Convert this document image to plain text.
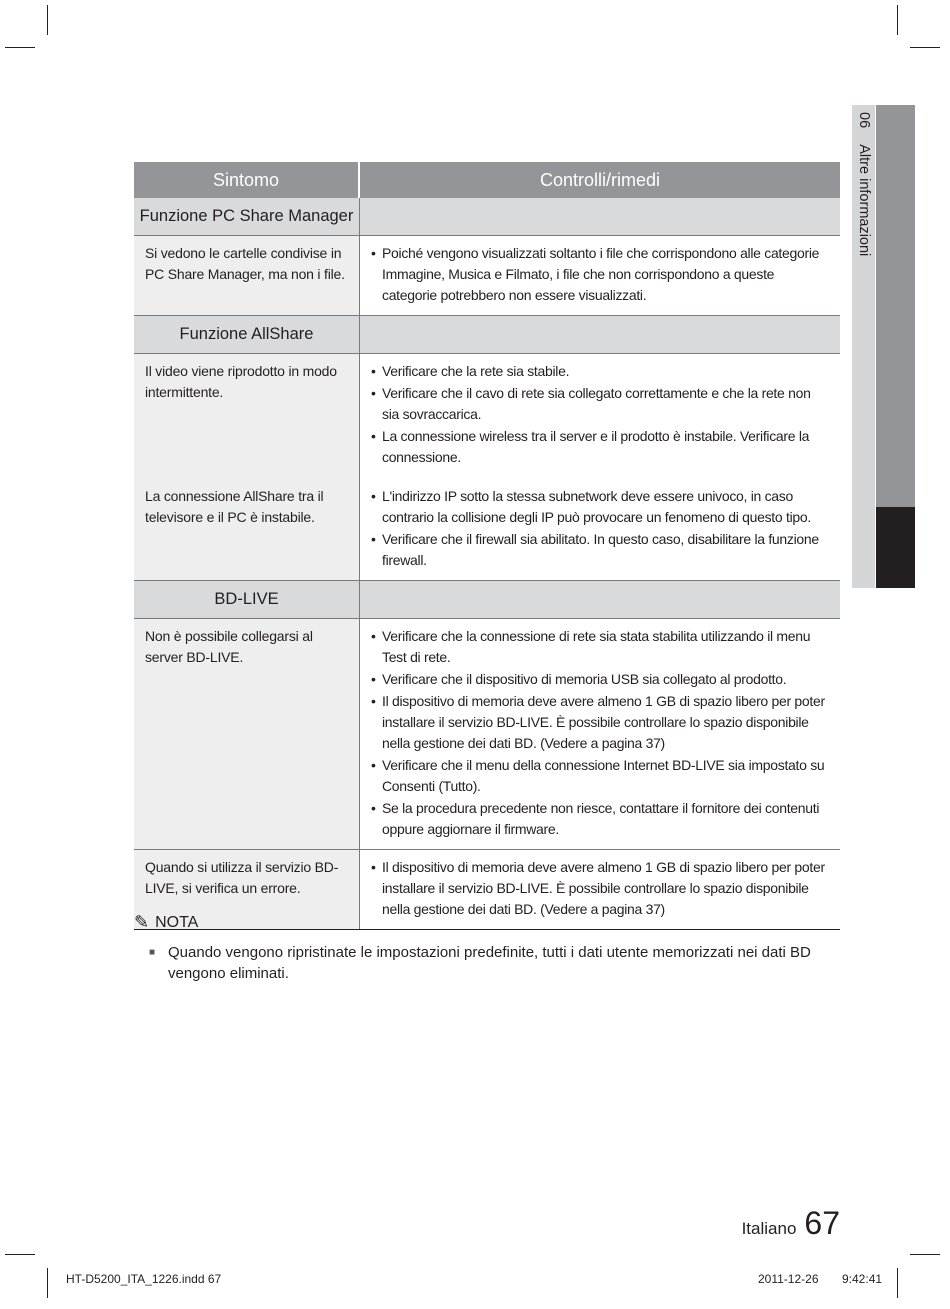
06    Altre informazioni
Sintomo	Controlli/rimedi
Funzione PC Share Manager
Si vedono le cartelle condivise in PC Share Manager, ma non i file.
• Poiché vengono visualizzati soltanto i file che corrispondono alle categorie Immagine, Musica e Filmato, i file che non corrispondono a queste categorie potrebbero non essere visualizzati.
Funzione AllShare
Il video viene riprodotto in modo intermittente.
• Verificare che la rete sia stabile.
• Verificare che il cavo di rete sia collegato correttamente e che la rete non sia sovraccarica.
• La connessione wireless tra il server e il prodotto è instabile. Verificare la connessione.
La connessione AllShare tra il televisore e il PC è instabile.
• L'indirizzo IP sotto la stessa subnetwork deve essere univoco, in caso contrario la collisione degli IP può provocare un fenomeno di questo tipo.
• Verificare che il firewall sia abilitato. In questo caso, disabilitare la funzione firewall.
BD-LIVE
Non è possibile collegarsi al server BD-LIVE.
• Verificare che la connessione di rete sia stata stabilita utilizzando il menu Test di rete.
• Verificare che il dispositivo di memoria USB sia collegato al prodotto.
• Il dispositivo di memoria deve avere almeno 1 GB di spazio libero per poter installare il servizio BD-LIVE. È possibile controllare lo spazio disponibile nella gestione dei dati BD. (Vedere a pagina 37)
• Verificare che il menu della connessione Internet BD-LIVE sia impostato su Consenti (Tutto).
• Se la procedura precedente non riesce, contattare il fornitore dei contenuti oppure aggiornare il firmware.
Quando si utilizza il servizio BD-LIVE, si verifica un errore.
• Il dispositivo di memoria deve avere almeno 1 GB di spazio libero per poter installare il servizio BD-LIVE. È possibile controllare lo spazio disponibile nella gestione dei dati BD. (Vedere a pagina 37)
✎ NOTA
■ Quando vengono ripristinate le impostazioni predefinite, tutti i dati utente memorizzati nei dati BD vengono eliminati.
Italiano 67
HT-D5200_ITA_1226.indd 67	2011-12-26 9:42:41
